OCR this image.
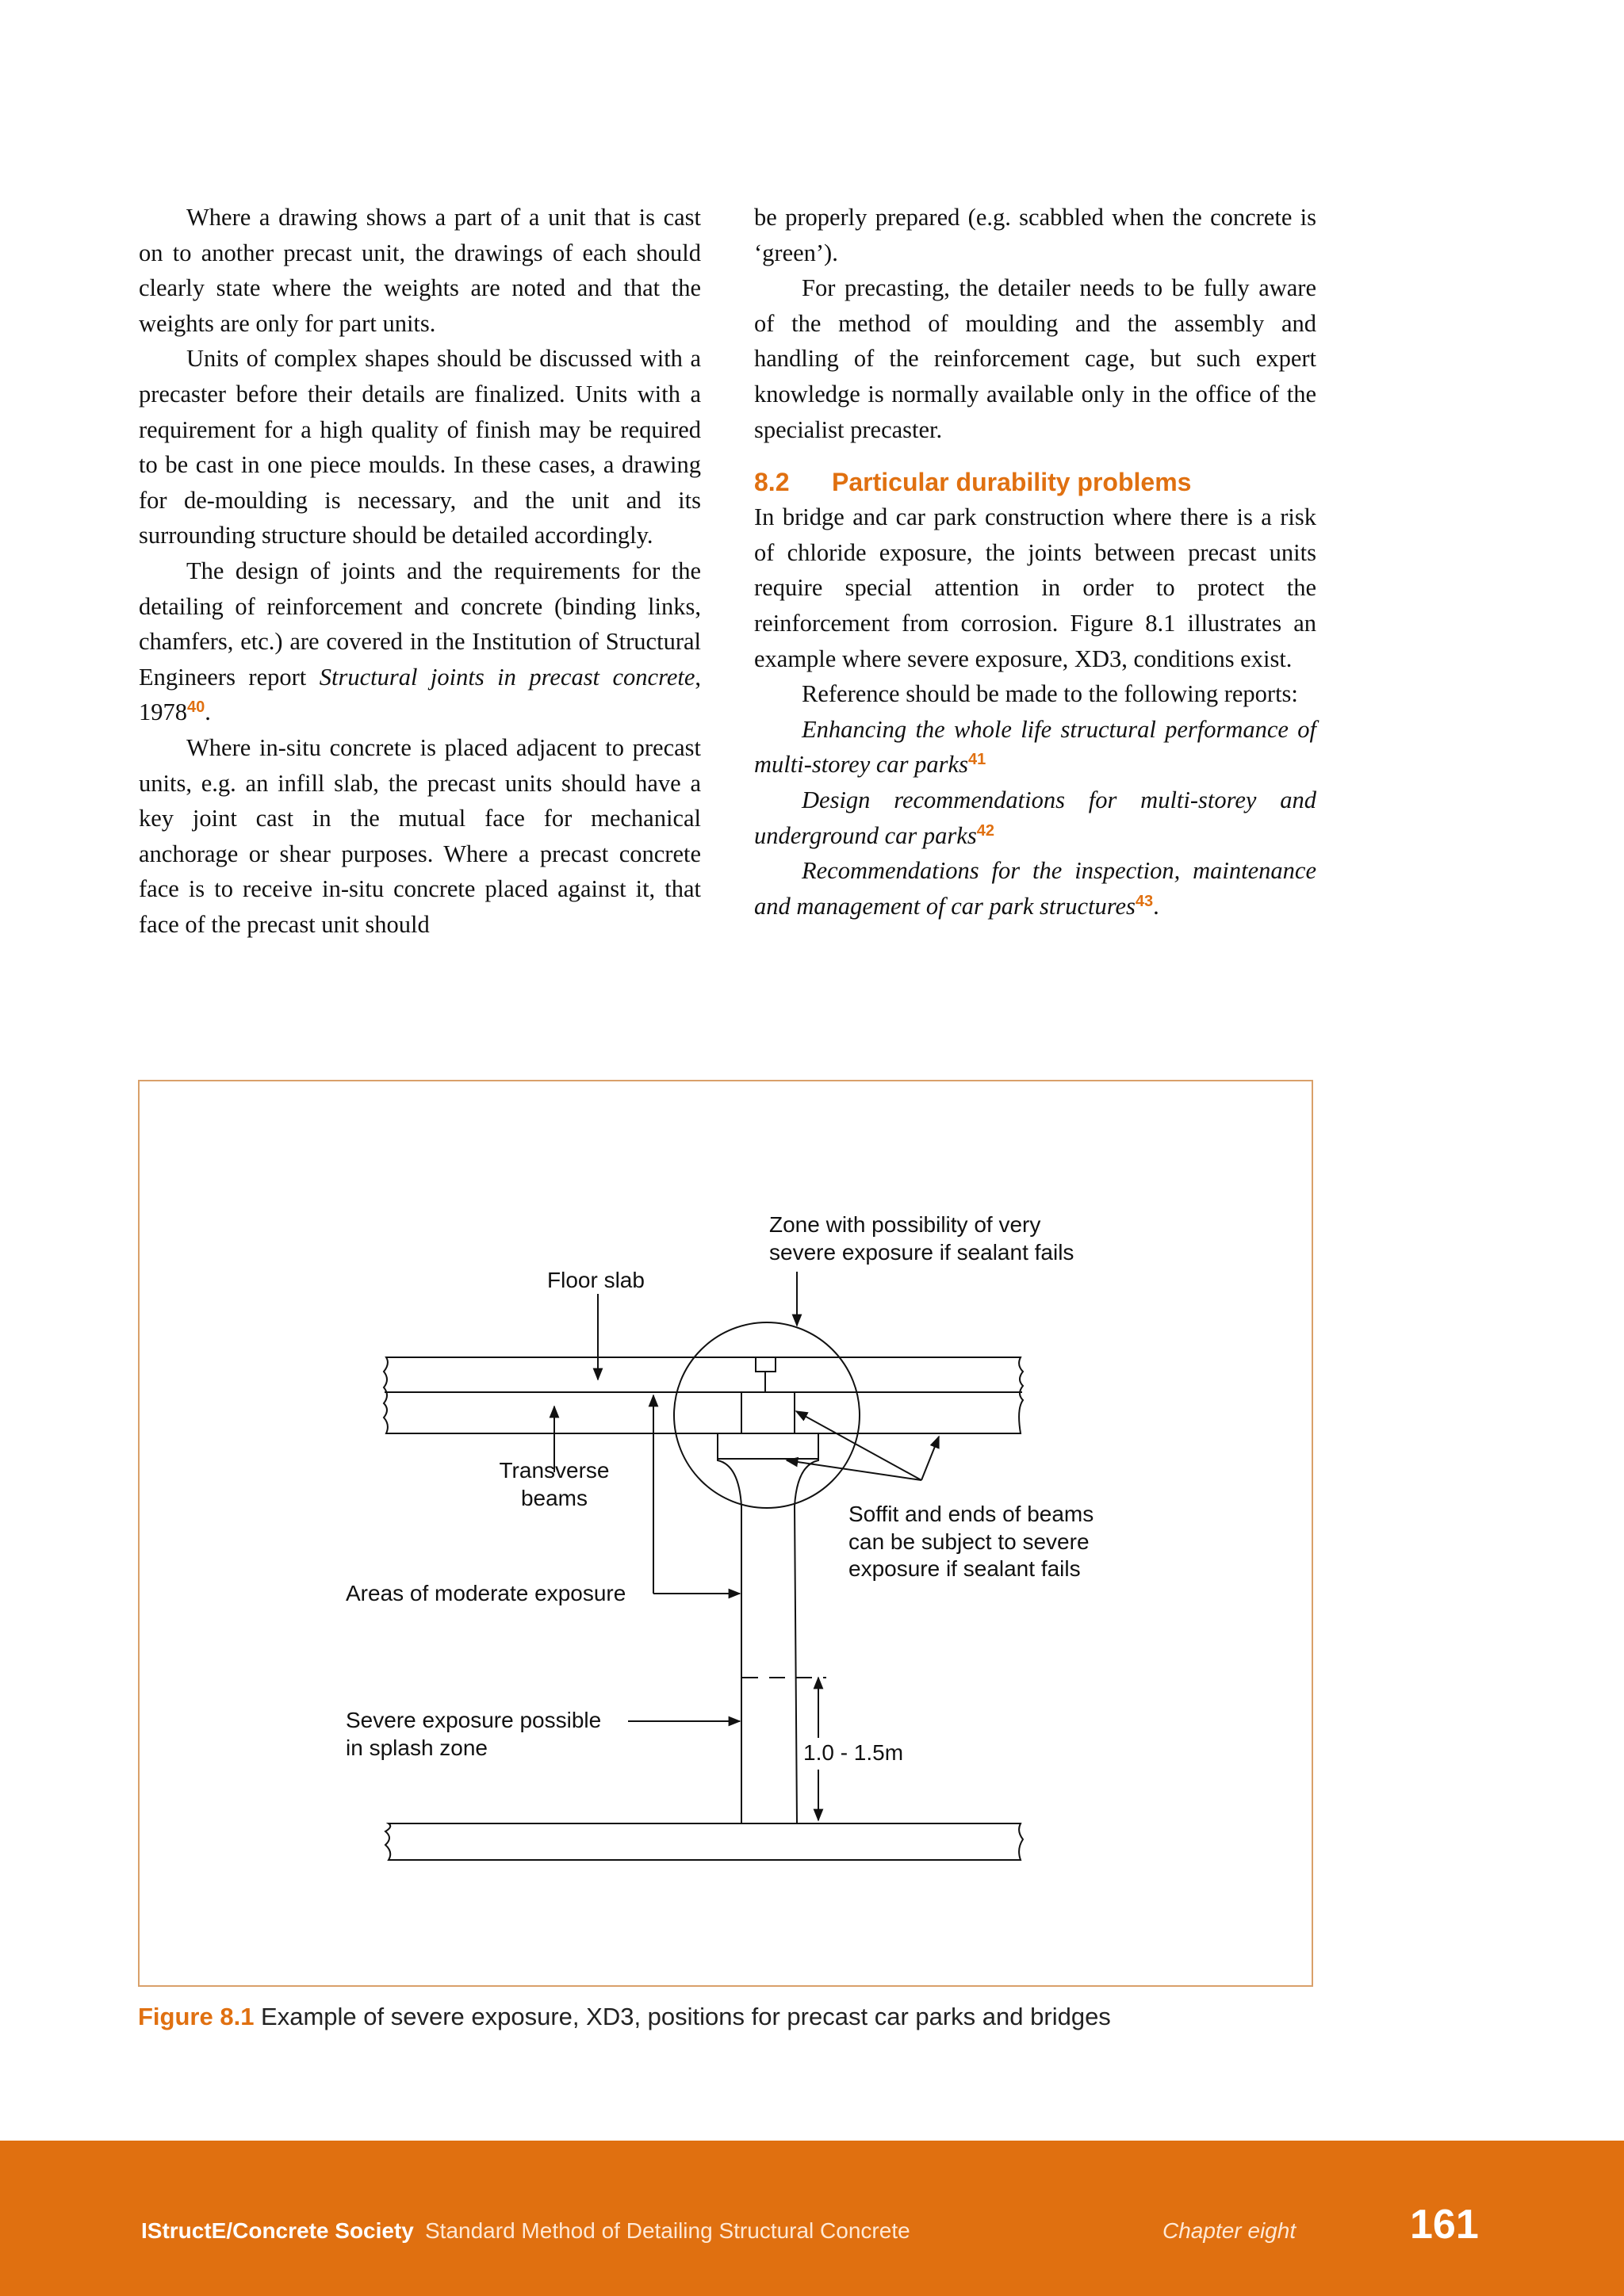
Where a drawing shows a part of a unit that is cast on to another precast unit, the drawings of each should clearly state where the weights are noted and that the weights are only for part units.

Units of complex shapes should be discussed with a precaster before their details are finalized. Units with a requirement for a high quality of finish may be required to be cast in one piece moulds. In these cases, a drawing for de-moulding is necessary, and the unit and its surrounding structure should be detailed accordingly.

The design of joints and the requirements for the detailing of reinforcement and concrete (binding links, chamfers, etc.) are covered in the Institution of Structural Engineers report Structural joints in precast concrete, 1978$^{40}$.

Where in-situ concrete is placed adjacent to precast units, e.g. an infill slab, the precast units should have a key joint cast in the mutual face for mechanical anchorage or shear purposes. Where a precast concrete face is to receive in-situ concrete placed against it, that face of the precast unit should

be properly prepared (e.g. scabbled when the concrete is ‘green’).

For precasting, the detailer needs to be fully aware of the method of moulding and the assembly and handling of the reinforcement cage, but such expert knowledge is normally available only in the office of the specialist precaster.

8.2 Particular durability problems

In bridge and car park construction where there is a risk of chloride exposure, the joints between precast units require special attention in order to protect the reinforcement from corrosion. Figure 8.1 illustrates an example where severe exposure, XD3, conditions exist.

Reference should be made to the following reports:

Enhancing the whole life structural performance of multi-storey car parks$^{41}$

Design recommendations for multi-storey and underground car parks$^{42}$

Recommendations for the inspection, maintenance and management of car park structures$^{43}$.

Zone with possibility of very
severe exposure if sealant fails
Floor slab
Transverse
beams
Soffit and ends of beams
can be subject to severe
exposure if sealant fails
Areas of moderate exposure
Severe exposure possible
in splash zone	1.0 - 1.5m
Figure 8.1 Example of severe exposure, XD3, positions for precast car parks and bridges
IStructE/Concrete Society Standard Method of Detailing Structural Concrete	Chapter eight	161
